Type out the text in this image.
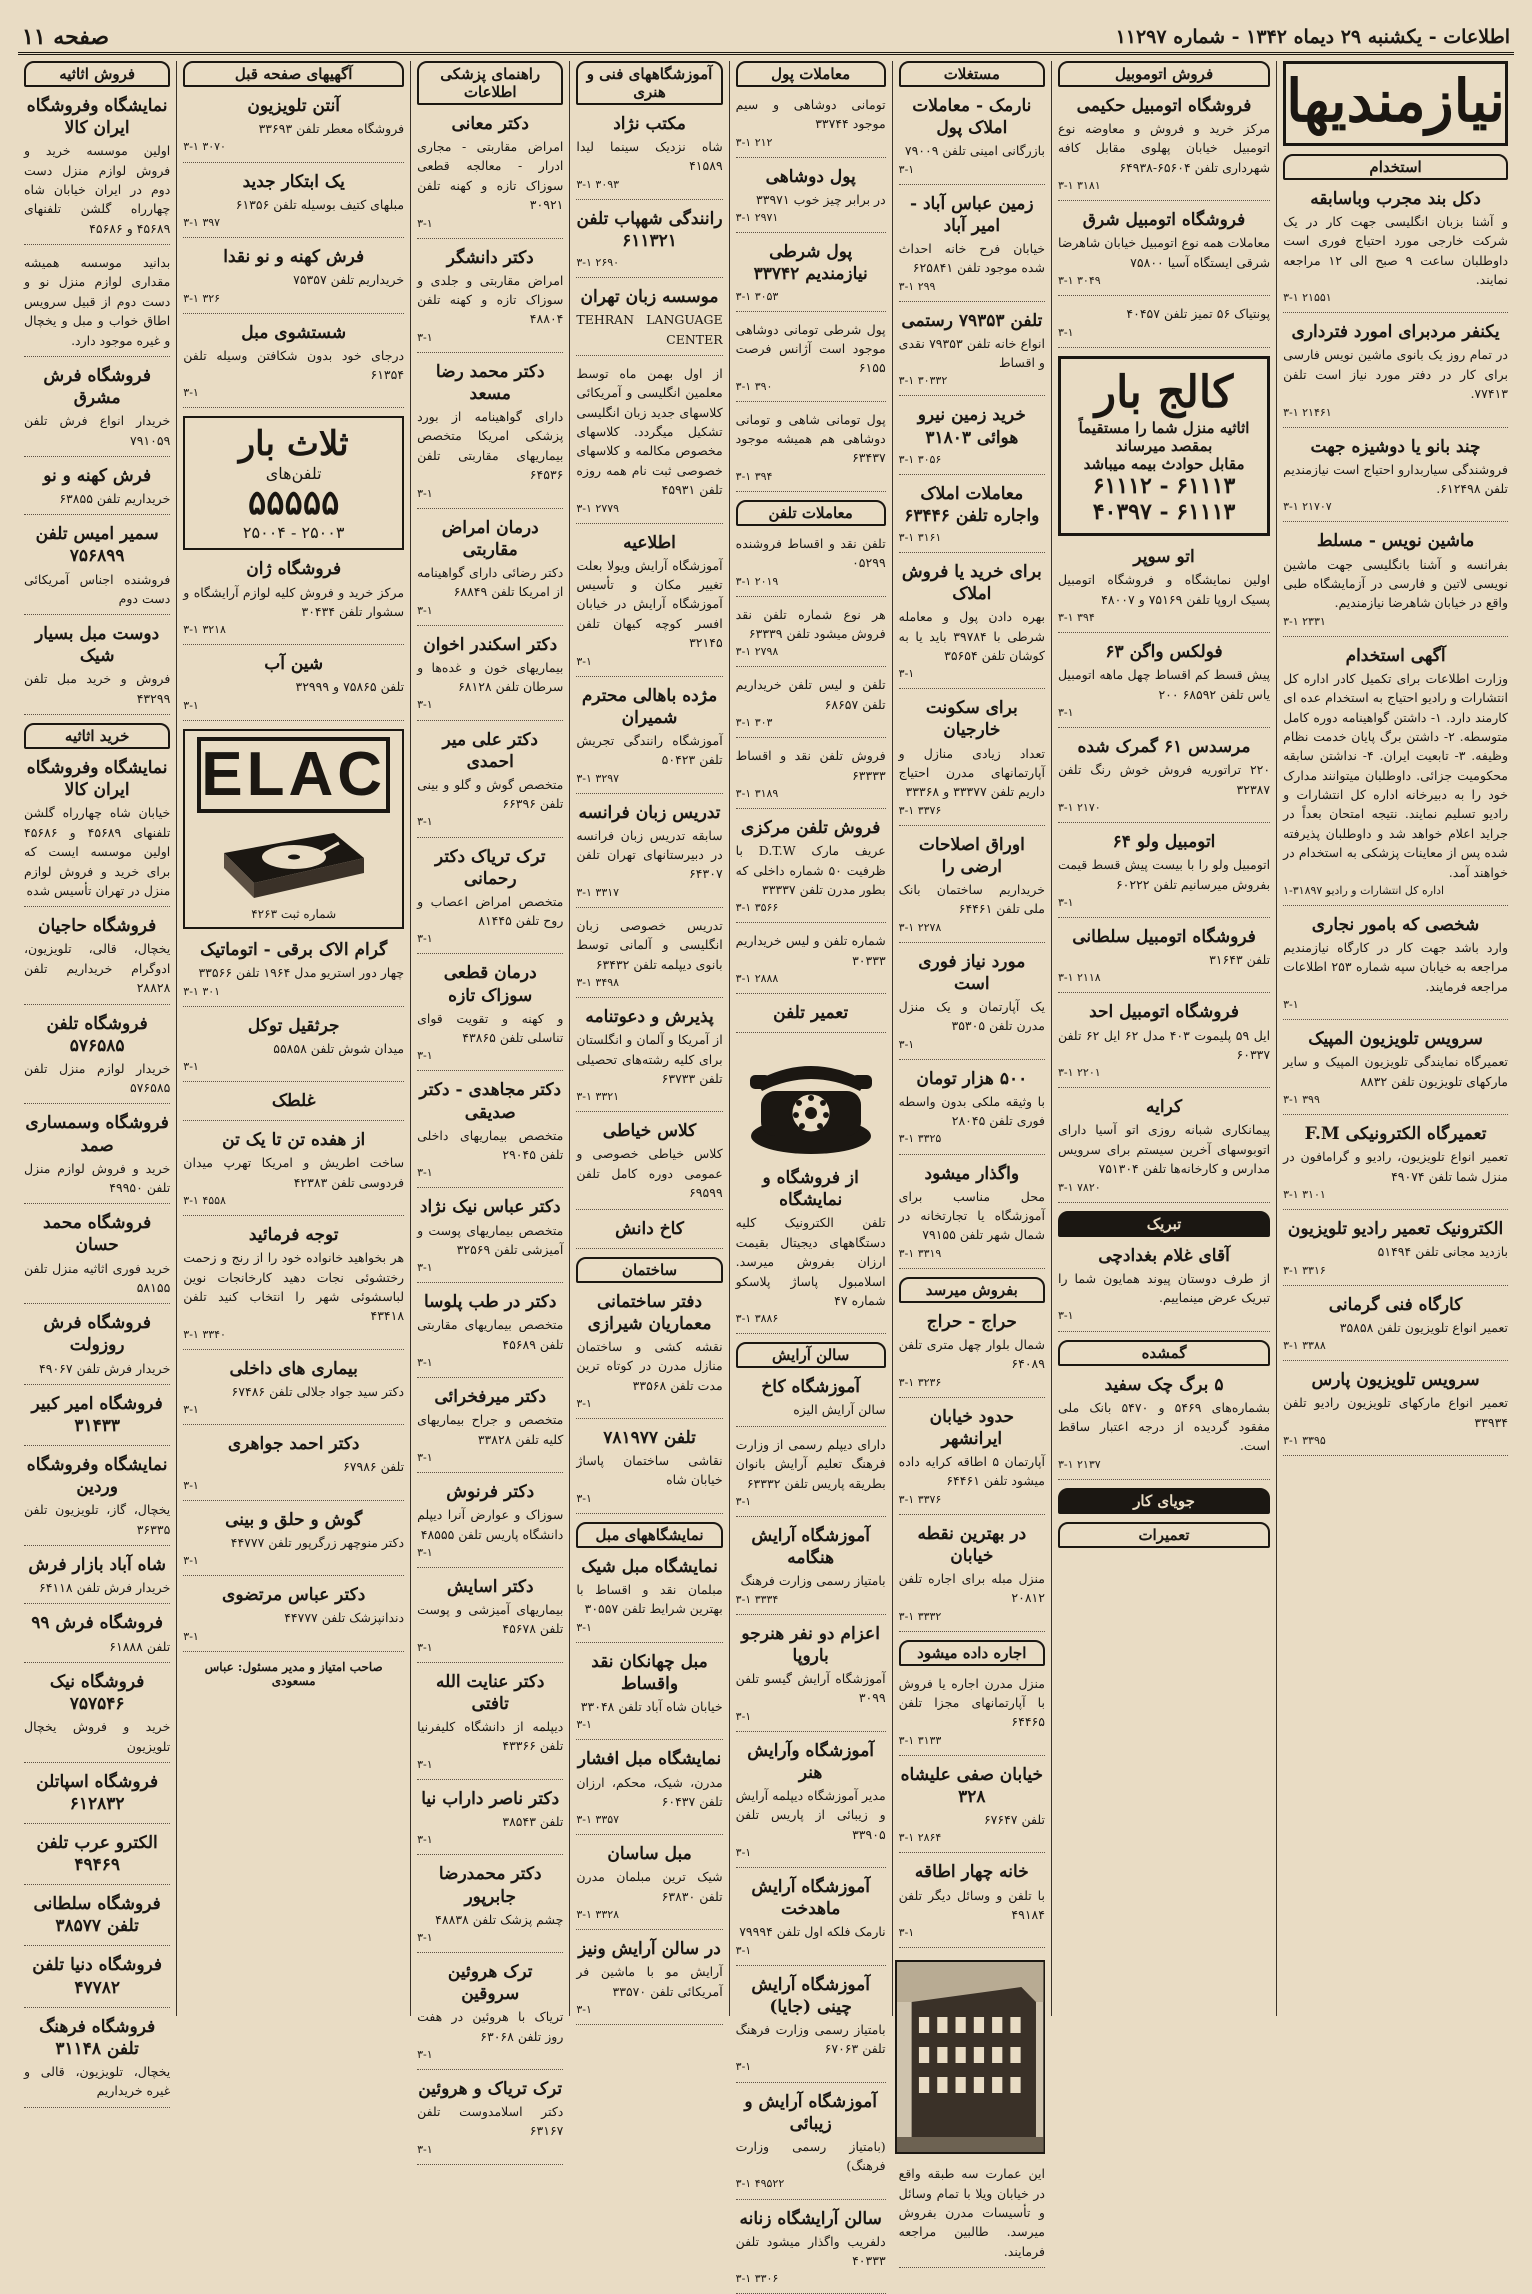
اطلاعات - یکشنبه ۲۹ دیماه ۱۳۴۲ - شماره ۱۱۲۹۷
صفحه ۱۱
نیازمندیها
استخدام
دکل بند مجرب وباسابقه
و آشنا بزبان انگلیسی جهت کار در یک شرکت خارجی مورد احتیاج فوری است داوطلبان ساعت ۹ صبح الی ۱۲ مراجعه نمایند.
۳-۱ ۲۱۵۵۱
یکنفر مردبرای امورد فترداری
در تمام روز یک بانوی ماشین نویس فارسی برای کار در دفتر مورد نیاز است تلفن ۷۷۴۱۳.
۳-۱ ۲۱۴۶۱
چند بانو یا دوشیزه جهت
فروشندگی سیاربدارو احتیاج است نیازمندیم تلفن ۶۱۲۴۹۸.
۳-۱ ۲۱۷۰۷
ماشین نویس - مسلط
بفرانسه و آشنا بانگلیسی جهت ماشین نویسی لاتین و فارسی در آزمایشگاه طبی واقع در خیابان شاهرضا نیازمندیم.
۳-۱ ۲۳۳۱
آگهی استخدام
وزارت اطلاعات برای تکمیل کادر اداره کل انتشارات و رادیو احتیاج به استخدام عده ای کارمند دارد. ۱- داشتن گواهینامه دوره کامل متوسطه. ۲- داشتن برگ پایان خدمت نظام وظیفه. ۳- تابعیت ایران. ۴- نداشتن سابقه محکومیت جزائی. داوطلبان میتوانند مدارک خود را به دبیرخانه اداره کل انتشارات و رادیو تسلیم نمایند. نتیجه امتحان بعداً در جراید اعلام خواهد شد و داوطلبان پذیرفته شده پس از معاینات پزشکی به استخدام در خواهند آمد.
اداره کل انتشارات و رادیو ۳۱۸۹۷-۱
شخصی که بامور نجاری
وارد باشد جهت کار در کارگاه نیازمندیم مراجعه به خیابان سپه شماره ۲۵۳ اطلاعات مراجعه فرمایند.
۳-۱
سرویس تلویزیون المپیک
تعمیرگاه نمایندگی تلویزیون المپیک و سایر مارکهای تلویزیون تلفن ۸۸۳۲
۳-۱ ۳۹۹
تعمیرگاه الکترونیکی F.M
تعمیر انواع تلویزیون، رادیو و گرامافون در منزل شما تلفن ۴۹۰۷۴
۳-۱ ۳۱۰۱
الکترونیک تعمیر رادیو تلویزیون
بازدید مجانی تلفن ۵۱۴۹۴
۳-۱ ۳۳۱۶
کارگاه فنی گرمانی
تعمیر انواع تلویزیون تلفن ۳۵۸۵۸
۳-۱ ۳۳۸۸
سرویس تلویزیون پارس
تعمیر انواع مارکهای تلویزیون رادیو تلفن ۳۳۹۳۴
۳-۱ ۳۳۹۵
فروش اتوموبیل
فروشگاه اتومبیل حکیمی
مرکز خرید و فروش و معاوضه نوع اتومبیل خیابان پهلوی مقابل کافه شهرداری تلفن ۶۵۶۰۴-۶۴۹۳۸
۳-۱ ۳۱۸۱
فروشگاه اتومبیل شرق
معاملات همه نوع اتومبیل خیابان شاهرضا شرقی ایستگاه آسیا ۷۵۸۰۰
۳-۱ ۳۰۴۹
پونتیاک ۵۶ تمیز تلفن ۴۰۴۵۷
۳-۱
کالج بار
اثاثیه منزل شما را مستقیماً بمقصد میرساند
مقابل حوادث بیمه میباشد
۶۱۱۱۲ - ۶۱۱۱۳
۴۰۳۹۷ - ۶۱۱۱۳
اتو سوپر
اولین نمایشگاه و فروشگاه اتومبیل پسیک اروپا تلفن ۷۵۱۶۹ و ۴۸۰۰۷
۳-۱ ۳۹۴
فولکس واگن ۶۳
پیش قسط کم اقساط چهل ماهه اتومبیل یاس تلفن ۶۸۵۹۲ ۲۰۰
۳-۱
مرسدس ۶۱ گمرک شده
۲۲۰ تراتوریه فروش خوش رنگ تلفن ۳۲۳۸۷
۳-۱ ۲۱۷۰
اتومبیل ولو ۶۴
اتومبیل ولو را با بیست پیش قسط قیمت بفروش میرسانیم تلفن ۶۰۲۲۲
۳-۱
فروشگاه اتومبیل سلطانی
تلفن ۳۱۶۴۳
۳-۱ ۲۱۱۸
فروشگاه اتومبیل احد
ایل ۵۹ پلیموت ۴۰۳ مدل ۶۲ ایل ۶۲ تلفن ۶۰۳۳۷
۳-۱ ۲۲۰۱
کرایه
پیمانکاری شبانه روزی اتو آسیا دارای اتوبوسهای آخرین سیستم برای سرویس مدارس و کارخانه‌ها تلفن ۷۵۱۳۰۴
۳-۱ ۷۸۲۰
تبریک
آقای غلام بغدادچی
از طرف دوستان پیوند همایون شما را تبریک عرض مینماییم.
۳-۱
گمشده
۵ برگ چک سفید
بشماره‌های ۵۴۶۹ و ۵۴۷۰ بانک ملی مفقود گردیده از درجه اعتبار ساقط است.
۳-۱ ۲۱۳۷
جویای کار
تعمیرات
مستغلات
نارمک - معاملات املاک پول
بازرگانی امینی تلفن ۷۹۰۰۹
۳-۱
زمین عباس آباد - امیر آباد
خیابان فرح خانه احداث شده موجود تلفن ۶۲۵۸۴۱
۳-۱ ۲۹۹
تلفن ۷۹۳۵۳ رستمی
انواع خانه تلفن ۷۹۳۵۳ نقدی و اقساط
۳-۱ ۳۰۳۳۲
خرید زمین نیرو هوائی ۳۱۸۰۳
۳-۱ ۳۰۵۶
معاملات املاک واجاره تلفن ۶۳۴۴۶
۳-۱ ۳۱۶۱
برای خرید یا فروش املاک
بهره دادن پول و معامله شرطی با ۳۹۷۸۴ باید یا به کوشان تلفن ۳۵۶۵۴
۳-۱
برای سکونت خارجیان
تعداد زیادی منازل و آپارتمانهای مدرن احتیاج داریم تلفن ۳۳۳۷۷ و ۳۳۳۶۸
۳-۱ ۳۳۷۶
اوراق اصلاحات ارضی را
خریداریم ساختمان بانک ملی تلفن ۶۴۴۶۱
۳-۱ ۲۲۷۸
مورد نیاز فوری است
یک آپارتمان و یک منزل مدرن تلفن ۳۵۳۰۵
۳-۱
۵۰۰ هزار تومان
با وثیقه ملکی بدون واسطه فوری تلفن ۲۸۰۴۵
۳-۱ ۳۳۲۵
واگذار میشود
محل مناسب برای آموزشگاه یا تجارتخانه در شمال شهر تلفن ۷۹۱۵۵
۳-۱ ۳۳۱۹
بفروش میرسد
حراج - حراج
شمال بلوار چهل متری تلفن ۶۴۰۸۹
۳-۱ ۳۲۳۶
حدود خیابان ایرانشهر
آپارتمان ۵ اطاقه کرایه داده میشود تلفن ۶۴۴۶۱
۳-۱ ۳۳۷۶
در بهترین نقطه خیابان
منزل مبله برای اجاره تلفن ۲۰۸۱۲
۳-۱ ۳۳۳۲
اجاره داده میشود
منزل مدرن اجاره یا فروش با آپارتمانهای مجزا تلفن ۶۴۴۶۵
۳-۱ ۳۱۳۳
خیابان صفی علیشاه ۳۲۸
تلفن ۶۷۶۴۷
۳-۱ ۲۸۶۴
خانه چهار اطاقه
با تلفن و وسائل دیگر تلفن ۴۹۱۸۴
۳-۱
این عمارت سه طبقه واقع در خیابان ویلا با تمام وسائل و تأسیسات مدرن بفروش میرسد. طالبین مراجعه فرمایند.
معاملات پول
تومانی دوشاهی و سیم موجود ۳۳۷۴۴
۳-۱ ۲۱۲
پول دوشاهی
در برابر چیز خوب ۳۳۹۷۱
۳-۱ ۲۹۷۱
پول شرطی نیازمندیم ۳۳۷۴۲
۳-۱ ۳۰۵۳
پول شرطی تومانی دوشاهی موجود است آژانس فرصت ۶۱۵۵
۳-۱ ۳۹۰
پول تومانی شاهی و تومانی دوشاهی هم همیشه موجود ۶۳۴۳۷
۳-۱ ۳۹۴
معاملات تلفن
تلفن نقد و اقساط فروشنده ۰۵۲۹۹
۳-۱ ۲۰۱۹
هر نوع شماره تلفن نقد فروش میشود تلفن ۶۳۳۳۹
۳-۱ ۲۷۹۸
تلفن و لیس تلفن خریداریم تلفن ۶۸۶۵۷
۳-۱ ۳۰۳
فروش تلفن نقد و اقساط ۶۳۳۳۳
۳-۱ ۳۱۸۹
فروش تلفن مرکزی
عریف مارک D.T.W با ظرفیت ۵۰ شماره داخلی که بطور مدرن تلفن ۳۳۳۳۷
۳-۱ ۳۵۶۶
شماره تلفن و لیس خریداریم ۳۰۳۳۳
۳-۱ ۲۸۸۸
تعمیر تلفن
از فروشگاه و نمایشگاه
تلفن الکترونیک کلیه دستگاههای دیجیتال بقیمت ارزان بفروش میرسد. اسلامبول پاساژ پلاسکو شماره ۴۷
۳-۱ ۳۸۸۶
سالن آرایش
آموزشگاه کاخ
سالن آرایش الیزه
دارای دیپلم رسمی از وزارت فرهنگ تعلیم آرایش بانوان بطریقه پاریس تلفن ۶۳۳۳۲
۳-۱
آموزشگاه آرایش هنگامه
بامتیاز رسمی وزارت فرهنگ
۳-۱ ۳۳۳۴
اعزام دو نفر هنرجو باروپا
آموزشگاه آرایش گیسو تلفن ۳۰۹۹
۳-۱
آموزشگاه وآرایش هنر
مدیر آموزشگاه دیپلمه آرایش و زیبائی از پاریس تلفن ۳۳۹۰۵
۳-۱
آموزشگاه آرایش ماهدخت
نارمک فلکه اول تلفن ۷۹۹۹۴
۳-۱
آموزشگاه آرایش چینی (جایا)
بامتیاز رسمی وزارت فرهنگ تلفن ۶۷۰۶۳
۳-۱
آموزشگاه آرایش و زیبائی
(بامتیاز رسمی وزارت فرهنگ)
۳-۱ ۴۹۵۲۲
سالن آرایشگاه زنانه
دلفریب واگذار میشود تلفن ۴۰۳۳۳
۳-۱ ۳۳۰۶
آموزشگاههای فنی و هنری
مکتب نژاد
شاه نزدیک سینما لیدا ۴۱۵۸۹
۳-۱ ۳۰۹۳
رانندگی شهپاب تلفن ۶۱۱۳۲۱
۳-۱ ۲۶۹۰
موسسه زبان تهران
TEHRAN LANGUAGE CENTER
از اول بهمن ماه توسط معلمین انگلیسی و آمریکائی کلاسهای جدید زبان انگلیسی تشکیل میگردد. کلاسهای مخصوص مکالمه و کلاسهای خصوصی ثبت نام همه روزه تلفن ۴۵۹۳۱
۳-۱ ۲۷۷۹
اطلاعیه
آموزشگاه آرایش ویولا بعلت تغییر مکان و تأسیس آموزشگاه آرایش در خیابان افسر کوچه کیهان تلفن ۳۲۱۴۵
۳-۱
مژده باهالی محترم شمیران
آموزشگاه رانندگی تجریش تلفن ۵۰۴۲۳
۳-۱ ۳۲۹۷
تدریس زبان فرانسه
سابقه تدریس زبان فرانسه در دبیرستانهای تهران تلفن ۶۴۳۰۷
۳-۱ ۳۳۱۷
تدریس خصوصی زبان انگلیسی و آلمانی توسط بانوی دیپلمه تلفن ۶۳۴۳۲
۳-۱ ۳۴۹۸
پذیرش و دعوتنامه
از آمریکا و آلمان و انگلستان برای کلیه رشته‌های تحصیلی تلفن ۶۳۷۳۳
۳-۱ ۳۳۲۱
کلاس خیاطی
کلاس خیاطی خصوصی و عمومی دوره کامل تلفن ۶۹۵۹۹
کاخ دانش
ساختمان
دفتر ساختمانی معماریان شیرازی
نقشه کشی و ساختمان منازل مدرن در کوتاه ترین مدت تلفن ۳۳۵۶۸
۳-۱
تلفن ۷۸۱۹۷۷
نقاشی ساختمان پاساژ خیابان شاه
۳-۱
نمایشگاههای مبل
نمایشگاه مبل شیک
مبلمان نقد و اقساط با بهترین شرایط تلفن ۳۰۵۵۷
۳-۱
مبل چهانکان نقد واقساط
خیابان شاه آباد تلفن ۳۳۰۴۸
۳-۱
نمایشگاه مبل افشار
مدرن، شیک، محکم، ارزان تلفن ۶۰۴۳۷
۳-۱ ۳۳۵۷
مبل ساسان
شیک ترین مبلمان مدرن تلفن ۶۳۸۳۰
۳-۱ ۳۳۲۸
در سالن آرایش ونیز
آرایش مو با ماشین فر آمریکائی تلفن ۳۳۵۷۰
۳-۱
راهنمای پزشکی اطلاعات
دکتر معانی
امراض مقاربتی - مجاری ادرار - معالجه قطعی سوزاک تازه و کهنه تلفن ۳۰۹۲۱
۳-۱
دکتر دانشگر
امراض مقاربتی و جلدی و سوزاک تازه و کهنه تلفن ۴۸۸۰۴
۳-۱
دکتر محمد رضا مسعد
دارای گواهینامه از بورد پزشکی امریکا متخصص بیماریهای مقاربتی تلفن ۶۴۵۳۶
۳-۱
درمان امراض مقاربتی
دکتر رضائی دارای گواهینامه از امریکا تلفن ۶۸۸۴۹
۳-۱
دکتر اسکندر اخوان
بیماریهای خون و غده‌ها و سرطان تلفن ۶۸۱۲۸
۳-۱
دکتر علی میر احمدی
متخصص گوش و گلو و بینی تلفن ۶۶۳۹۶
۳-۱
ترک تریاک دکتر رحمانی
متخصص امراض اعصاب و روح تلفن ۸۱۴۴۵
۳-۱
درمان قطعی سوزاک تازه
و کهنه و تقویت قوای تناسلی تلفن ۴۳۸۶۵
۳-۱
دکتر مجاهدی - دکتر صدیقی
متخصص بیماریهای داخلی تلفن ۲۹۰۴۵
۳-۱
دکتر عباس نیک نژاد
متخصص بیماریهای پوست و آمیزشی تلفن ۳۲۵۶۹
۳-۱
دکتر در طب پلوسا
متخصص بیماریهای مقاربتی تلفن ۴۵۶۸۹
۳-۱
دکتر میرفخرائی
متخصص و جراح بیماریهای کلیه تلفن ۳۳۸۲۸
۳-۱
دکتر فرنوش
سوزاک و عوارض آنرا دیپلم دانشگاه پاریس تلفن ۴۸۵۵۵
۳-۱
دکتر اسایش
بیماریهای آمیزشی و پوست تلفن ۴۵۶۷۸
۳-۱
دکتر عنایت الله تافتی
دیپلمه از دانشگاه کلیفرنیا تلفن ۴۳۳۶۶
۳-۱
دکتر ناصر داراب نیا
تلفن ۳۸۵۴۳
۳-۱
دکتر محمدرضا جابرپور
چشم پزشک تلفن ۴۸۸۳۸
۳-۱
ترک هروئین سروقین
تریاک با هروئین در هفت روز تلفن ۶۳۰۶۸
۳-۱
ترک تریاک و هروئین
دکتر اسلامدوست تلفن ۶۳۱۶۷
۳-۱
آگهیهای صفحه قبل
آنتن تلویزیون
فروشگاه معطر تلفن ۳۳۶۹۳
۳-۱ ۳۰۷۰
یک ابتکار جدید
مبلهای کتیف بوسیله تلفن ۶۱۳۵۶
۳-۱ ۳۹۷
فرش کهنه و نو نقدا
خریداریم تلفن ۷۵۳۵۷
۳-۱ ۳۲۶
شستشوی مبل
درجای خود بدون شکافتن وسیله تلفن ۶۱۳۵۴
۳-۱
ثلاث بار
تلفن‌های
۵۵۵۵۵
۲۵۰۰۳ - ۲۵۰۰۴
فروشگاه ژان
مرکز خرید و فروش کلیه لوازم آرایشگاه و سشوار تلفن ۳۰۴۳۴
۳-۱ ۳۲۱۸
شین آب
تلفن ۷۵۸۶۵ و ۳۲۹۹۹
۳-۱
ELAC
شماره ثبت ۴۲۶۳
گرام الاک برقی - اتوماتیک
چهار دور استریو مدل ۱۹۶۴ تلفن ۳۳۵۶۶
۳-۱ ۳۰۱
جرثقیل توکل
میدان شوش تلفن ۵۵۸۵۸
۳-۱
غلطک
از هفده تن تا یک تن
ساخت اطریش و امریکا تهرپ میدان فردوسی تلفن ۴۲۳۸۳
۳-۱ ۴۵۵۸
توجه فرمائید
هر بخواهید خانواده خود را از رنج و زحمت رختشوئی نجات دهید کارخانجات نوین لباسشوئی شهر را انتخاب کنید تلفن ۴۳۴۱۸
۳-۱ ۳۳۴۰
بیماری های داخلی
دکتر سید جواد جلالی تلفن ۶۷۴۸۶
۳-۱
دکتر احمد جواهری
تلفن ۶۷۹۸۶
۳-۱
گوش و حلق و بینی
دکتر منوچهر زرگرپور تلفن ۴۴۷۷۷
۳-۱
دکتر عباس مرتضوی
دندانپزشک تلفن ۴۴۷۷۷
۳-۱
صاحب امتیاز و مدیر مسئول: عباس مسعودی
فروش اثاثیه
نمایشگاه وفروشگاه ایران کالا
اولین موسسه خرید و فروش لوازم منزل دست دوم در ایران خیابان شاه چهارراه گلشن تلفنهای ۴۵۶۸۹ و ۴۵۶۸۶
بدانید موسسه همیشه مقداری لوازم منزل نو و دست دوم از قبیل سرویس اطاق خواب و مبل و یخچال و غیره موجود دارد.
فروشگاه فرش مشرق
خریدار انواع فرش تلفن ۷۹۱۰۵۹
فرش کهنه و نو
خریداریم تلفن ۶۳۸۵۵
سمیر امیس تلفن ۷۵۶۸۹۹
فروشنده اجناس آمریکائی دست دوم
دوست مبل بسیار شیک
فروش و خرید مبل تلفن ۴۳۲۹۹
خرید اثاثیه
نمایشگاه وفروشگاه ایران کالا
خیابان شاه چهارراه گلشن تلفنهای ۴۵۶۸۹ و ۴۵۶۸۶ اولین موسسه ایست که برای خرید و فروش لوازم منزل در تهران تأسیس شده
فروشگاه حاجیان
یخچال، قالی، تلویزیون، ادوگرام خریداریم تلفن ۲۸۸۲۸
فروشگاه تلفن ۵۷۶۵۸۵
خریدار لوازم منزل تلفن ۵۷۶۵۸۵
فروشگاه وسمساری صمد
خرید و فروش لوازم منزل تلفن ۴۹۹۵۰
فروشگاه محمد حسان
خرید فوری اثاثیه منزل تلفن ۵۸۱۵۵
فروشگاه فرش روزولت
خریدار فرش تلفن ۴۹۰۶۷
فروشگاه امیر کبیر ۳۱۴۳۳
نمایشگاه وفروشگاه وردین
یخچال، گاز، تلویزیون تلفن ۳۶۳۳۵
شاه آباد بازار فرش
خریدار فرش تلفن ۶۴۱۱۸
فروشگاه فرش ۹۹
تلفن ۶۱۸۸۸
فروشگاه نیک ۷۵۷۵۴۶
خرید و فروش یخچال تلویزیون
فروشگاه اسپاتلن ۶۱۲۸۳۲
الکترو عرب تلفن ۴۹۴۶۹
فروشگاه سلطانی تلفن ۳۸۵۷۷
فروشگاه دنیا تلفن ۴۷۷۸۲
فروشگاه فرهنگ تلفن ۳۱۱۴۸
یخچال، تلویزیون، قالی و غیره خریداریم
